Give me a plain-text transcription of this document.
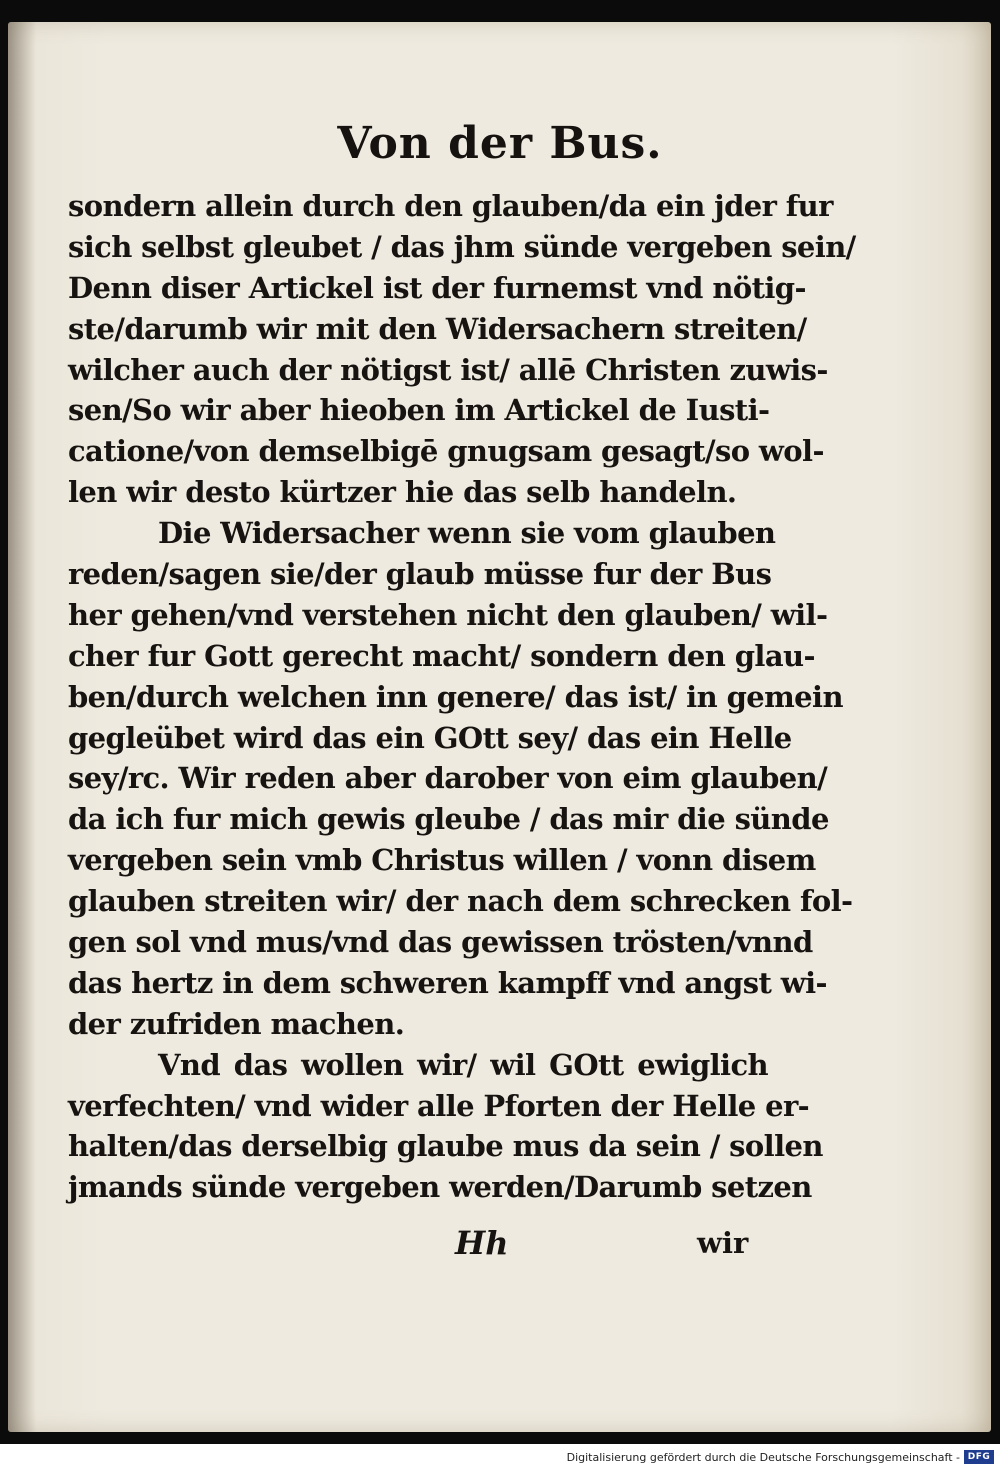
Von der Bus.
sondern allein durch den glauben/da ein jder fur
sich selbst gleubet / das jhm sünde vergeben sein/
Denn diser Artickel ist der furnemst vnd nötig-
ste/darumb wir mit den Widersachern streiten/
wilcher auch der nötigst ist/ allē Christen zuwis-
sen/So wir aber hieoben im Artickel de Iusti-
catione/von demselbigē gnugsam gesagt/so wol-
len wir desto kürtzer hie das selb handeln.
Die Widersacher wenn sie vom glauben
reden/sagen sie/der glaub müsse fur der Bus
her gehen/vnd verstehen nicht den glauben/ wil-
cher fur Gott gerecht macht/ sondern den glau-
ben/durch welchen inn genere/ das ist/ in gemein
gegleübet wird das ein GOtt sey/ das ein Helle
sey/rc. Wir reden aber darober von eim glauben/
da ich fur mich gewis gleube / das mir die sünde
vergeben sein vmb Christus willen / vonn disem
glauben streiten wir/ der nach dem schrecken fol-
gen sol vnd mus/vnd das gewissen trösten/vnnd
das hertz in dem schweren kampff vnd angst wi-
der zufriden machen.
Vnd das wollen wir/ wil GOtt ewiglich
verfechten/ vnd wider alle Pforten der Helle er-
halten/das derselbig glaube mus da sein / sollen
jmands sünde vergeben werden/Darumb setzen
Hh	wir
Digitalisierung gefördert durch die Deutsche Forschungsgemeinschaft - DFG
